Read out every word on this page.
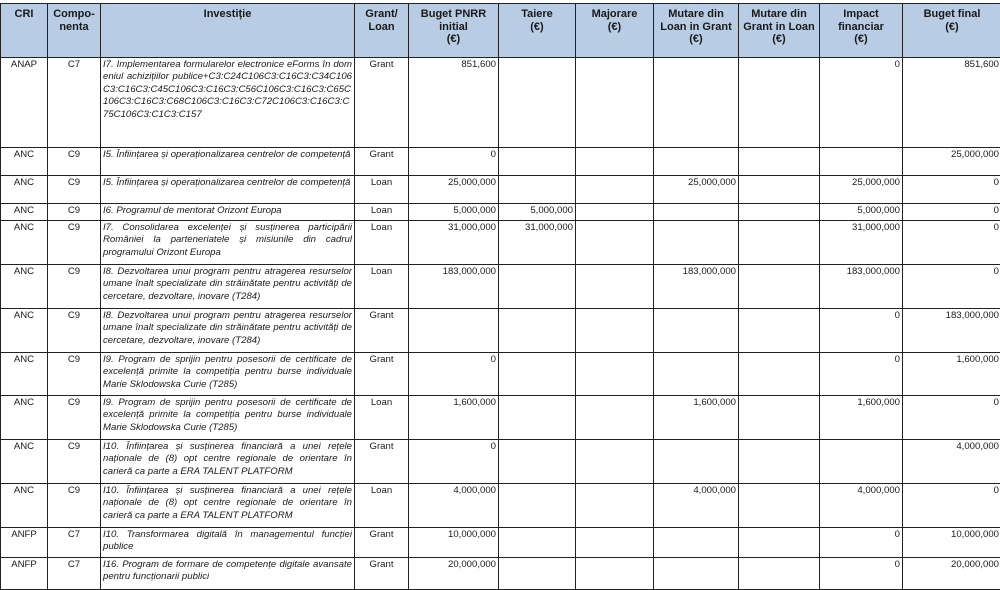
CRI	Compo-
nenta	Investiție	Grant/
Loan	Buget PNRR
initial
(€)	Taiere
(€)	Majorare
(€)	Mutare din
Loan in Grant
(€)	Mutare din
Grant in Loan
(€)	Impact
financiar
(€)	Buget final
(€)
ANAP	C7	I7. Implementarea formularelor electronice eForms în domeniul achizițiilor publice+C3:C24C106C3:C16C3:C34C106C3:C16C3:C45C106C3:C16C3:C56C106C3:C16C3:C65C106C3:C16C3:C68C106C3:C16C3:C72C106C3:C16C3:C75C106C3:C1C3:C157	Grant	851,600					0	851,600
ANC	C9	I5. Înființarea și operaționalizarea centrelor de competență	Grant	0						25,000,000
ANC	C9	I5. Înființarea și operaționalizarea centrelor de competență	Loan	25,000,000			25,000,000		25,000,000	0
ANC	C9	I6. Programul de mentorat Orizont Europa	Loan	5,000,000	5,000,000				5,000,000	0
ANC	C9	I7. Consolidarea excelenței și susținerea participării României la parteneriatele și misiunile din cadrul programului Orizont Europa	Loan	31,000,000	31,000,000				31,000,000	0
ANC	C9	I8. Dezvoltarea unui program pentru atragerea resurselor umane înalt specializate din străinătate pentru activități de cercetare, dezvoltare, inovare (T284)	Loan	183,000,000			183,000,000		183,000,000	0
ANC	C9	I8. Dezvoltarea unui program pentru atragerea resurselor umane înalt specializate din străinătate pentru activități de cercetare, dezvoltare, inovare (T284)	Grant						0	183,000,000
ANC	C9	I9. Program de sprijin pentru posesorii de certificate de excelență primite la competiția pentru burse individuale Marie Sklodowska Curie (T285)	Grant	0					0	1,600,000
ANC	C9	I9. Program de sprijin pentru posesorii de certificate de excelență primite la competiția pentru burse individuale Marie Sklodowska Curie (T285)	Loan	1,600,000			1,600,000		1,600,000	0
ANC	C9	I10. Înființarea și susținerea financiară a unei rețele naționale de (8) opt centre regionale de orientare în carieră ca parte a ERA TALENT PLATFORM	Grant	0						4,000,000
ANC	C9	I10. Înființarea și susținerea financiară a unei rețele naționale de (8) opt centre regionale de orientare în carieră ca parte a ERA TALENT PLATFORM	Loan	4,000,000			4,000,000		4,000,000	0
ANFP	C7	I10. Transformarea digitală în managementul funcției publice	Grant	10,000,000					0	10,000,000
ANFP	C7	I16. Program de formare de competențe digitale avansate pentru funcționarii publici	Grant	20,000,000					0	20,000,000
